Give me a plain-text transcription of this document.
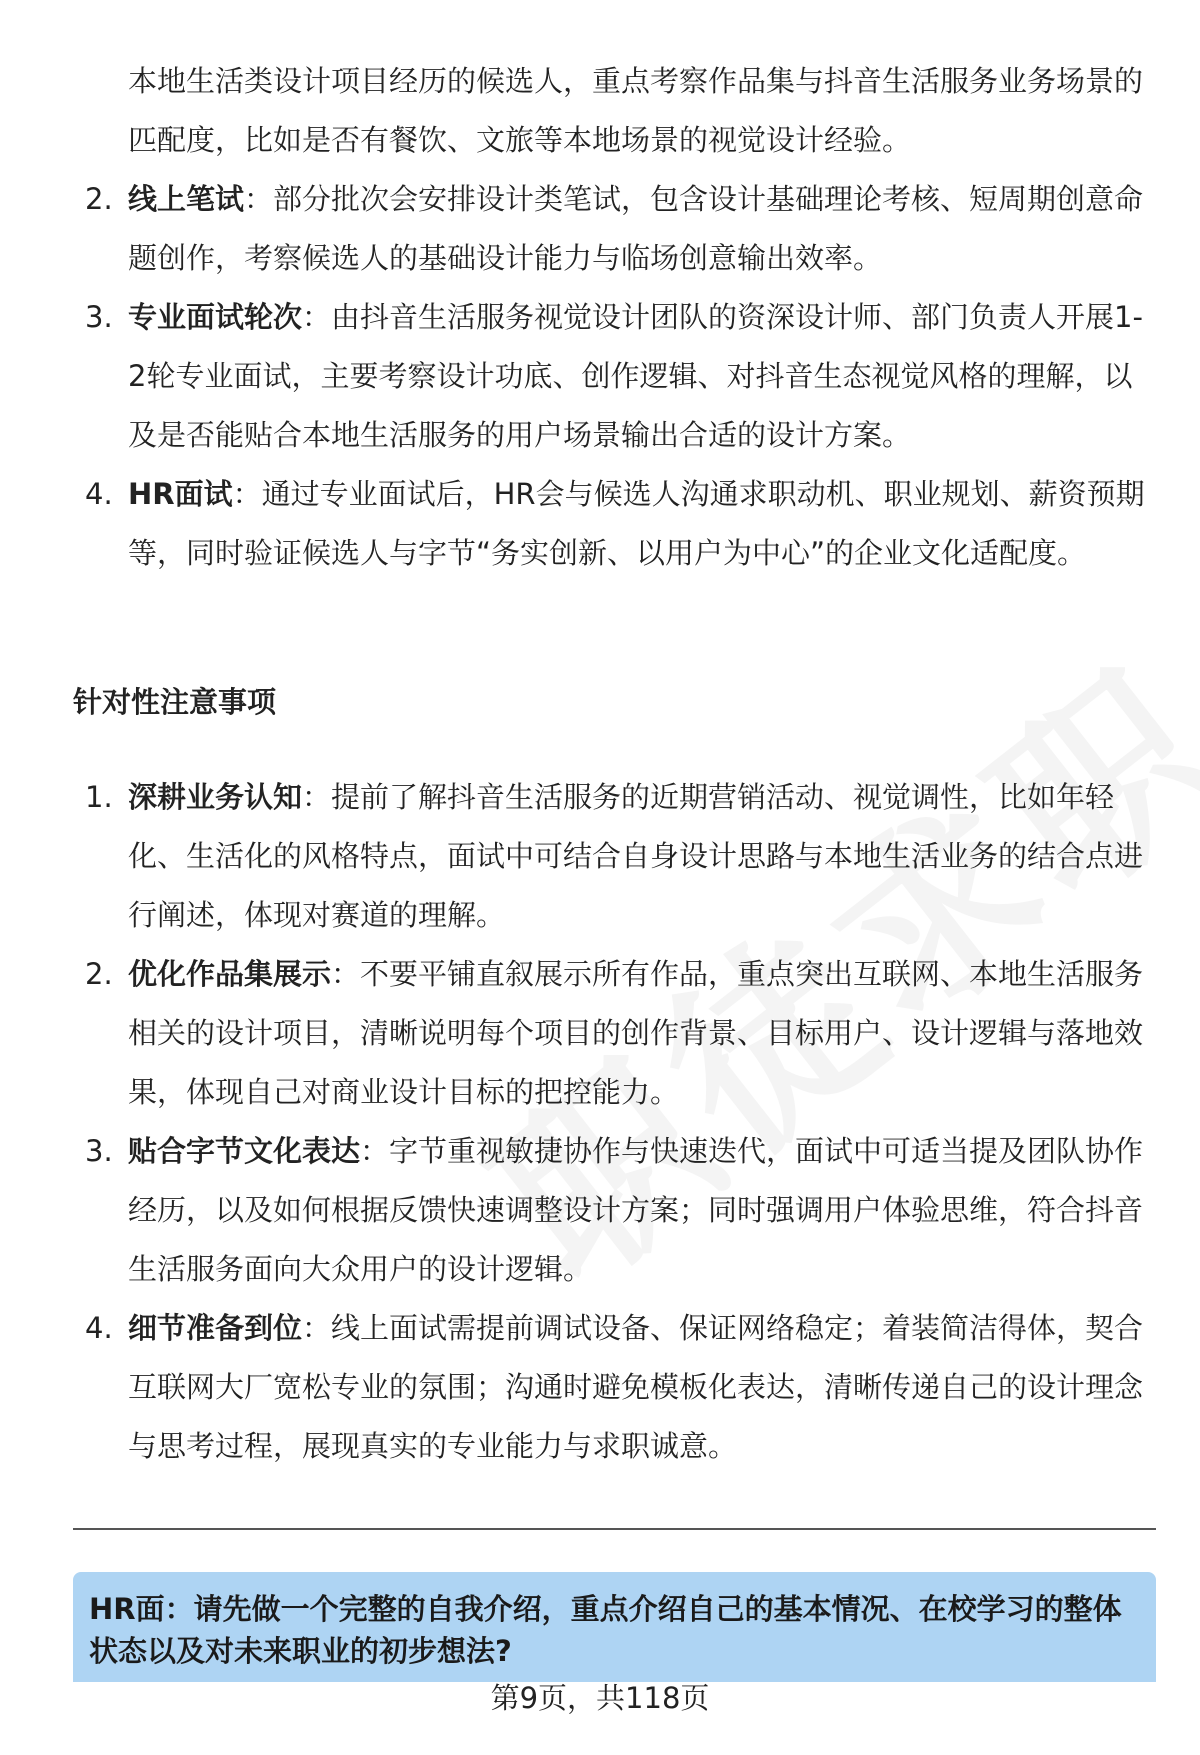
本地生活类设计项目经历的候选人，重点考察作品集与抖音生活服务业务场景的匹配度，比如是否有餐饮、文旅等本地场景的视觉设计经验。

2. 线上笔试：部分批次会安排设计类笔试，包含设计基础理论考核、短周期创意命题创作，考察候选人的基础设计能力与临场创意输出效率。
3. 专业面试轮次：由抖音生活服务视觉设计团队的资深设计师、部门负责人开展1-2轮专业面试，主要考察设计功底、创作逻辑、对抖音生态视觉风格的理解，以及是否能贴合本地生活服务的用户场景输出合适的设计方案。
4. HR面试：通过专业面试后，HR会与候选人沟通求职动机、职业规划、薪资预期等，同时验证候选人与字节“务实创新、以用户为中心”的企业文化适配度。
针对性注意事项
1. 深耕业务认知：提前了解抖音生活服务的近期营销活动、视觉调性，比如年轻化、生活化的风格特点，面试中可结合自身设计思路与本地生活业务的结合点进行阐述，体现对赛道的理解。
2. 优化作品集展示：不要平铺直叙展示所有作品，重点突出互联网、本地生活服务相关的设计项目，清晰说明每个项目的创作背景、目标用户、设计逻辑与落地效果，体现自己对商业设计目标的把控能力。
3. 贴合字节文化表达：字节重视敏捷协作与快速迭代，面试中可适当提及团队协作经历，以及如何根据反馈快速调整设计方案；同时强调用户体验思维，符合抖音生活服务面向大众用户的设计逻辑。
4. 细节准备到位：线上面试需提前调试设备、保证网络稳定；着装简洁得体，契合互联网大厂宽松专业的氛围；沟通时避免模板化表达，清晰传递自己的设计理念与思考过程，展现真实的专业能力与求职诚意。
HR面：请先做一个完整的自我介绍，重点介绍自己的基本情况、在校学习的整体状态以及对未来职业的初步想法?
第9页，共118页
